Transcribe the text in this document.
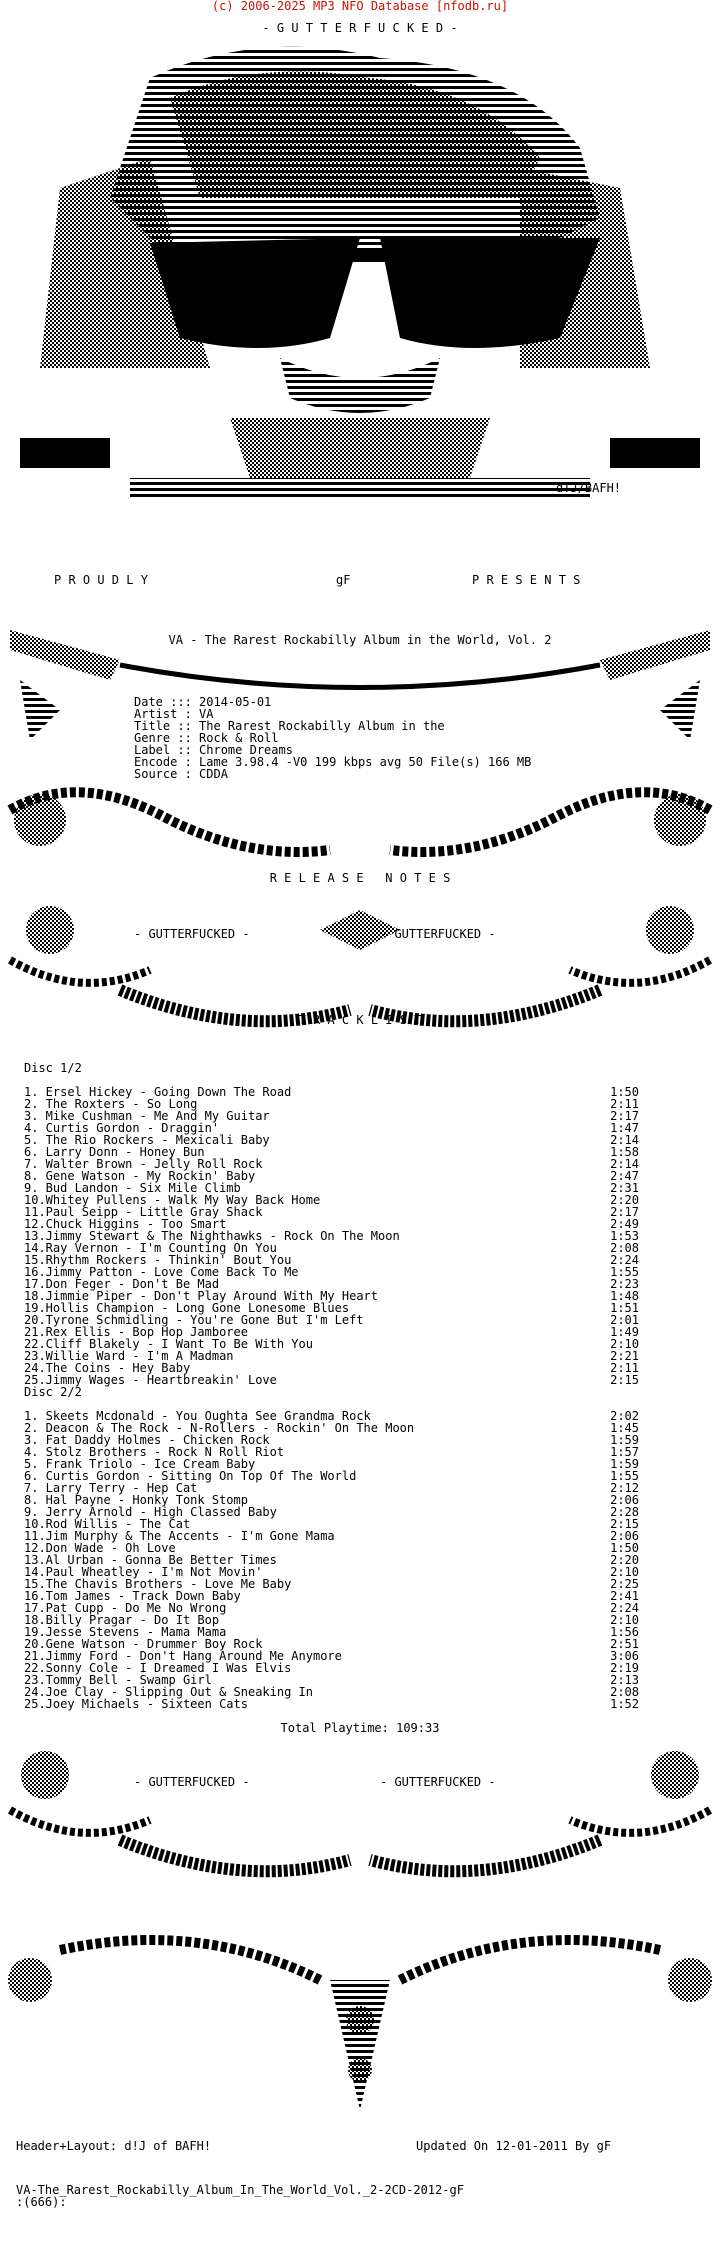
(c) 2006-2025 MP3 NFO Database [nfodb.ru]
- G U T T E R F U C K E D -
d!J/BAFH!
P R O U D L Y	gF	P R E S E N T S
VA - The Rarest Rockabilly Album in the World, Vol. 2
Date ::: 2014-05-01
Artist : VA
Title :: The Rarest Rockabilly Album in the
Genre :: Rock & Roll
Label :: Chrome Dreams
Encode : Lame 3.98.4 -V0 199 kbps avg 50 File(s) 166 MB
Source : CDDA
R E L E A S E   N O T E S
- GUTTERFUCKED -	- GUTTERFUCKED -
T R A C K L I S T
Disc 1/2
1. Ersel Hickey - Going Down The Road	1:50
2. The Roxters - So Long	2:11
3. Mike Cushman - Me And My Guitar	2:17
4. Curtis Gordon - Draggin'	1:47
5. The Rio Rockers - Mexicali Baby	2:14
6. Larry Donn - Honey Bun	1:58
7. Walter Brown - Jelly Roll Rock	2:14
8. Gene Watson - My Rockin' Baby	2:47
9. Bud Landon - Six Mile Climb	2:31
10.Whitey Pullens - Walk My Way Back Home	2:20
11.Paul Seipp - Little Gray Shack	2:17
12.Chuck Higgins - Too Smart	2:49
13.Jimmy Stewart & The Nighthawks - Rock On The Moon	1:53
14.Ray Vernon - I'm Counting On You	2:08
15.Rhythm Rockers - Thinkin' Bout You	2:24
16.Jimmy Patton - Love Come Back To Me	1:55
17.Don Feger - Don't Be Mad	2:23
18.Jimmie Piper - Don't Play Around With My Heart	1:48
19.Hollis Champion - Long Gone Lonesome Blues	1:51
20.Tyrone Schmidling - You're Gone But I'm Left	2:01
21.Rex Ellis - Bop Hop Jamboree	1:49
22.Cliff Blakely - I Want To Be With You	2:10
23.Willie Ward - I'm A Madman	2:21
24.The Coins - Hey Baby	2:11
25.Jimmy Wages - Heartbreakin' Love	2:15
Disc 2/2
1. Skeets Mcdonald - You Oughta See Grandma Rock	2:02
2. Deacon & The Rock - N-Rollers - Rockin' On The Moon	1:45
3. Fat Daddy Holmes - Chicken Rock	1:59
4. Stolz Brothers - Rock N Roll Riot	1:57
5. Frank Triolo - Ice Cream Baby	1:59
6. Curtis Gordon - Sitting On Top Of The World	1:55
7. Larry Terry - Hep Cat	2:12
8. Hal Payne - Honky Tonk Stomp	2:06
9. Jerry Arnold - High Classed Baby	2:28
10.Rod Willis - The Cat	2:15
11.Jim Murphy & The Accents - I'm Gone Mama	2:06
12.Don Wade - Oh Love	1:50
13.Al Urban - Gonna Be Better Times	2:20
14.Paul Wheatley - I'm Not Movin'	2:10
15.The Chavis Brothers - Love Me Baby	2:25
16.Tom James - Track Down Baby	2:41
17.Pat Cupp - Do Me No Wrong	2:24
18.Billy Pragar - Do It Bop	2:10
19.Jesse Stevens - Mama Mama	1:56
20.Gene Watson - Drummer Boy Rock	2:51
21.Jimmy Ford - Don't Hang Around Me Anymore	3:06
22.Sonny Cole - I Dreamed I Was Elvis	2:19
23.Tommy Bell - Swamp Girl	2:13
24.Joe Clay - Slipping Out & Sneaking In	2:08
25.Joey Michaels - Sixteen Cats	1:52
Total Playtime: 109:33
- GUTTERFUCKED -	- GUTTERFUCKED -
Header+Layout: d!J of BAFH!	Updated On 12-01-2011 By gF
VA-The_Rarest_Rockabilly_Album_In_The_World_Vol._2-2CD-2012-gF
:(666):
